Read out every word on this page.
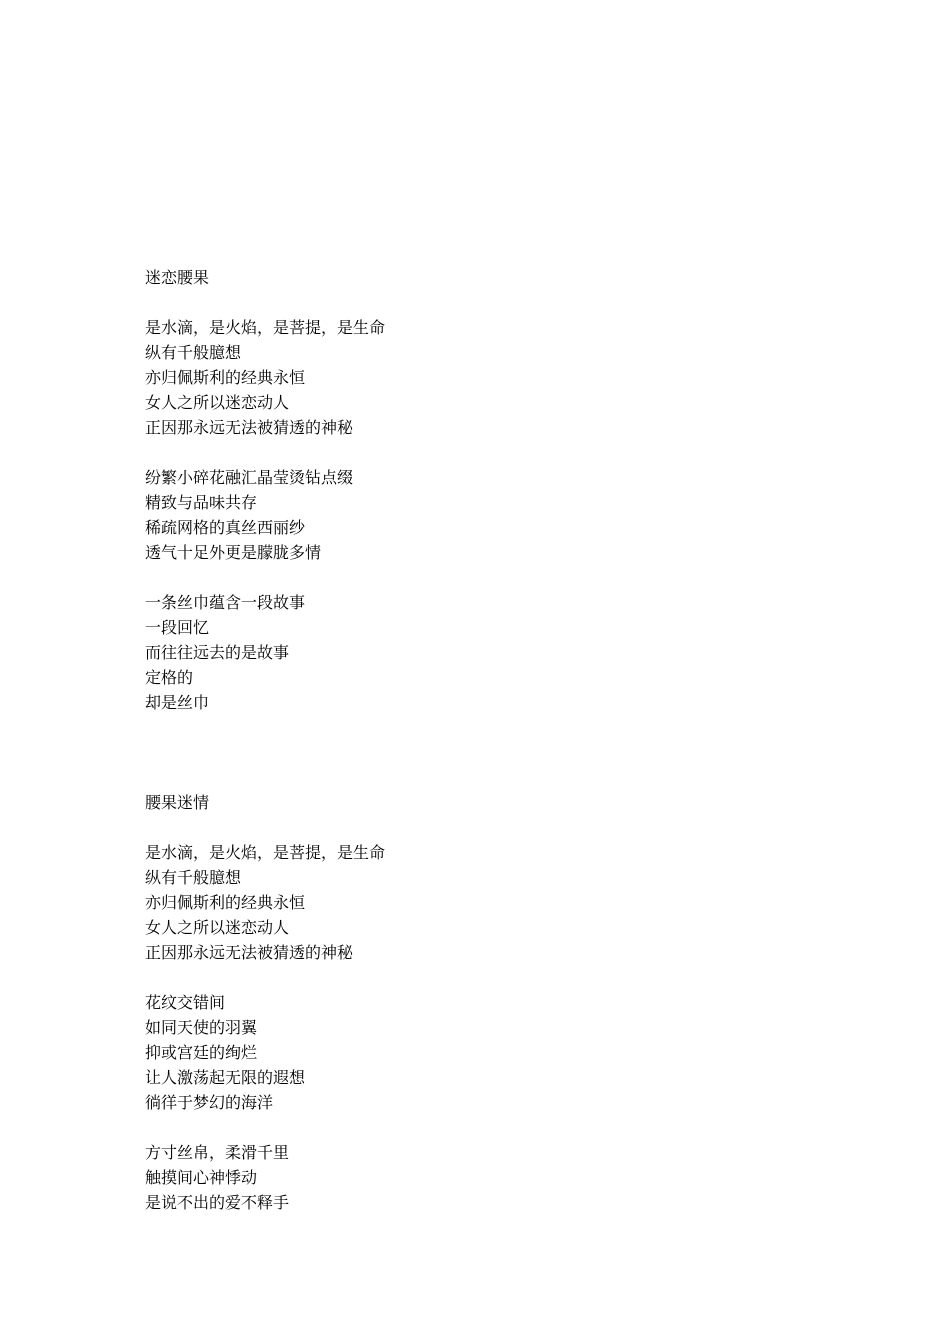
迷恋腰果
是水滴，是火焰，是菩提，是生命
纵有千般臆想
亦归佩斯利的经典永恒
女人之所以迷恋动人
正因那永远无法被猜透的神秘
纷繁小碎花融汇晶莹烫钻点缀
精致与品味共存
稀疏网格的真丝西丽纱
透气十足外更是朦胧多情
一条丝巾蕴含一段故事
一段回忆
而往往远去的是故事
定格的
却是丝巾
腰果迷情
是水滴，是火焰，是菩提，是生命
纵有千般臆想
亦归佩斯利的经典永恒
女人之所以迷恋动人
正因那永远无法被猜透的神秘
花纹交错间
如同天使的羽翼
抑或宫廷的绚烂
让人激荡起无限的遐想
徜徉于梦幻的海洋
方寸丝帛，柔滑千里
触摸间心神悸动
是说不出的爱不释手
